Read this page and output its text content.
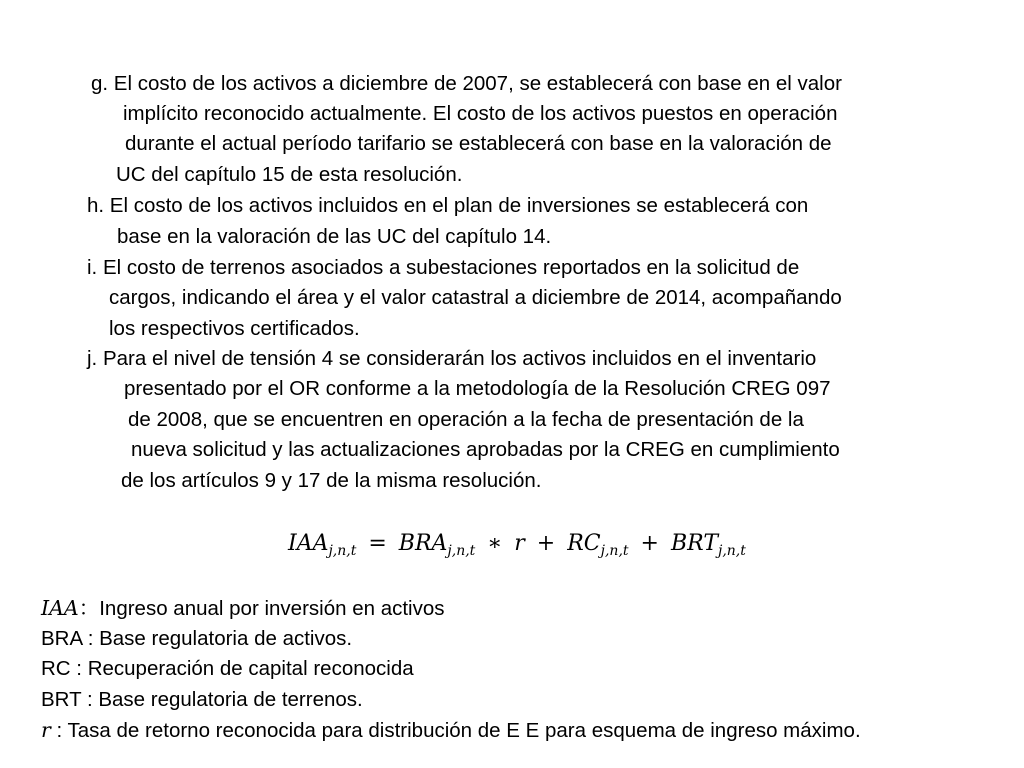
g. El costo de los activos a diciembre de 2007, se establecerá con base en el valor
implícito reconocido actualmente. El costo de los activos puestos en operación
durante el actual período tarifario se establecerá con base en la valoración de
UC del capítulo 15 de esta resolución.
h. El costo de los activos incluidos en el plan de inversiones se establecerá con
base en la valoración de las UC del capítulo 14.
i. El costo de terrenos asociados a subestaciones reportados en la solicitud de
cargos, indicando el área y el valor catastral a diciembre de 2014, acompañando
los respectivos certificados.
j. Para el nivel de tensión 4 se considerarán los activos incluidos en el inventario
presentado por el OR conforme a la metodología de la Resolución CREG 097
de 2008, que se encuentren en operación a la fecha de presentación de la
nueva solicitud y las actualizaciones aprobadas por la CREG en cumplimiento
de los artículos 9 y 17 de la misma resolución.
$IAA_{j,n,t} = BRA_{j,n,t}$ ∗ $r + RC_{j,n,t} + BRT_{j,n,t}$
IAA：Ingreso anual por inversión en activos
BRA : Base regulatoria de activos.
RC : Recuperación de capital reconocida
BRT : Base regulatoria de terrenos.
r : Tasa de retorno reconocida para distribución de E E para esquema de ingreso máximo.
